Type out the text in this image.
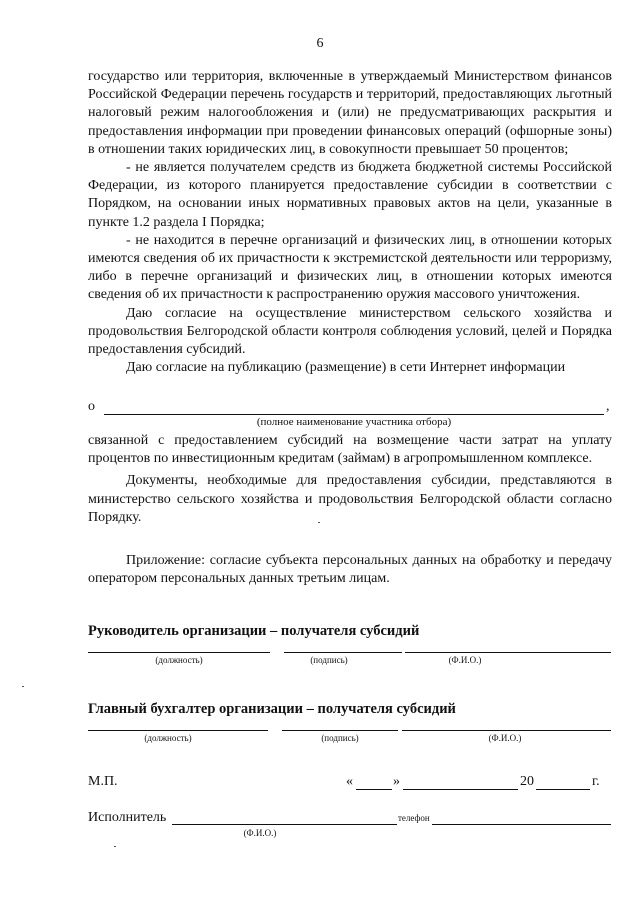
6

государство или территория, включенные в утверждаемый Министерством финансов Российской Федерации перечень государств и территорий, предоставляющих льготный налоговый режим налогообложения и (или) не предусматривающих раскрытия и предоставления информации при проведении финансовых операций (офшорные зоны) в отношении таких юридических лиц, в совокупности превышает 50 процентов;

- не является получателем средств из бюджета бюджетной системы Российской Федерации, из которого планируется предоставление субсидии в соответствии с Порядком, на основании иных нормативных правовых актов на цели, указанные в пункте 1.2 раздела I Порядка;

- не находится в перечне организаций и физических лиц, в отношении которых имеются сведения об их причастности к экстремистской деятельности или терроризму, либо в перечне организаций и физических лиц, в отношении которых имеются сведения об их причастности к распространению оружия массового уничтожения.

Даю согласие на осуществление министерством сельского хозяйства и продовольствия Белгородской области контроля соблюдения условий, целей и Порядка предоставления субсидий.

Даю согласие на публикацию (размещение) в сети Интернет информации

о	,
(полное наименование участника отбора)

связанной с предоставлением субсидий на возмещение части затрат на уплату процентов по инвестиционным кредитам (займам) в агропромышленном комплексе.

Документы, необходимые для предоставления субсидии, представляются в министерство сельского хозяйства и продовольствия Белгородской области согласно Порядку.

Приложение: согласие субъекта персональных данных на обработку и передачу оператором персональных данных третьим лицам.

Руководитель организации – получателя субсидий
(должность)	(подпись)	(Ф.И.О.)
Главный бухгалтер организации – получателя субсидий
(должность)	(подпись)	(Ф.И.О.)
М.П.	«	»	20	г.
Исполнитель	телефон
(Ф.И.О.)
